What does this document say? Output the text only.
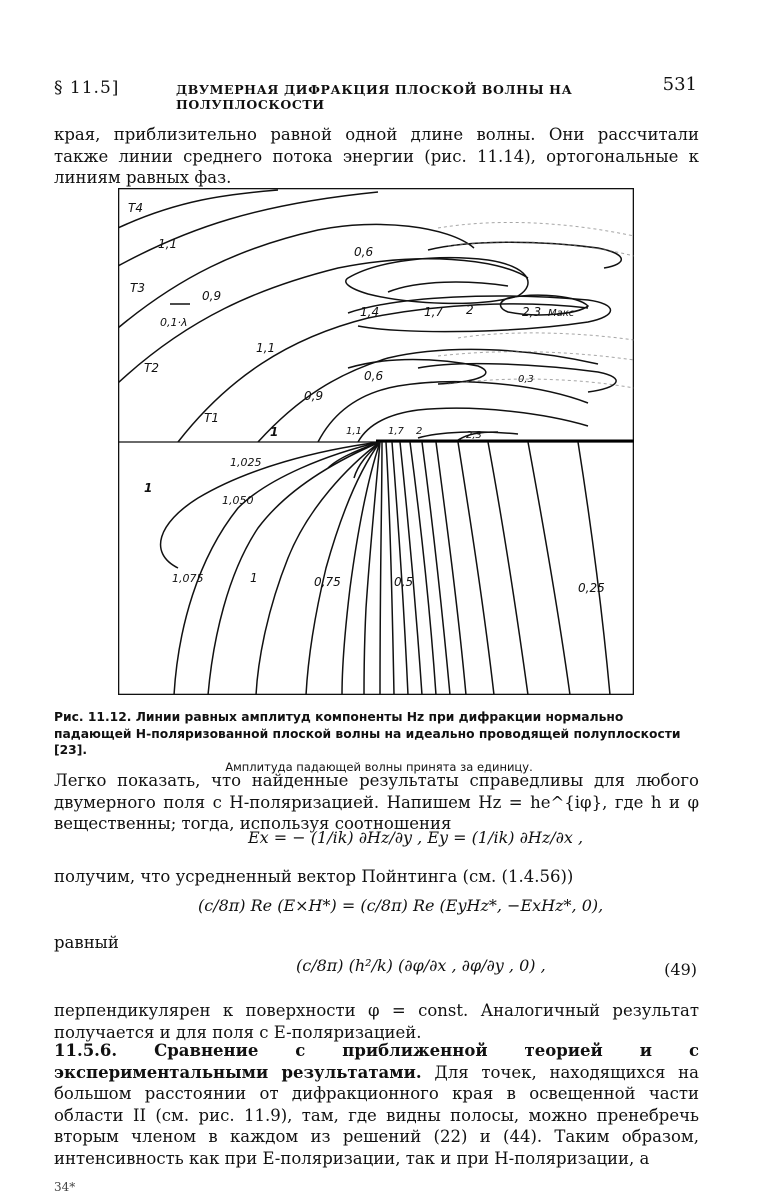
§ 11.5]	ДВУМЕРНАЯ ДИФРАКЦИЯ ПЛОСКОЙ ВОЛНЫ НА ПОЛУПЛОСКОСТИ
531

края, приблизительно равной одной длине волны. Они рассчитали также линии среднего потока энергии (рис. 11.14), ортогональные к линиям равных фаз.

T4
T3
T2
T1
1,1
0,9
0,6
1,4	1,7 2	2,3 Макс
0,3
1,1
0,9
0,6
1,1	1,7 2	2,3
1
0,1·λ
1,025
1,050
1,075
1
1	0,75	0,5	0,25
Рис. 11.12. Линии равных амплитуд компоненты Hz при дифракции нормально падающей H-поляризованной плоской волны на идеально проводящей полуплоскости [23].
Амплитуда падающей волны принята за единицу.

Легко показать, что найденные результаты справедливы для любого двумерного поля с H-поляризацией. Напишем Hz = he^{iφ}, где h и φ вещественны; тогда, используя соотношения

Ex = − (1/ik) ∂Hz/∂y , Ey = (1/ik) ∂Hz/∂x ,
получим, что усредненный вектор Пойнтинга (см. (1.4.56))
(c/8π) Re (E×H*) = (c/8π) Re (EyHz*, −ExHz*, 0),
равный
(c/8π) (h²/k) (∂φ/∂x , ∂φ/∂y , 0) ,	(49)

перпендикулярен к поверхности φ = const. Аналогичный результат получается и для поля с E-поляризацией.

11.5.6. Сравнение с приближенной теорией и с экспериментальными результатами. Для точек, находящихся на большом расстоянии от дифракционного края в освещенной части области II (см. рис. 11.9), там, где видны полосы, можно пренебречь вторым членом в каждом из решений (22) и (44). Таким образом, интенсивность как при E-поляризации, так и при H-поляризации, а

34*
